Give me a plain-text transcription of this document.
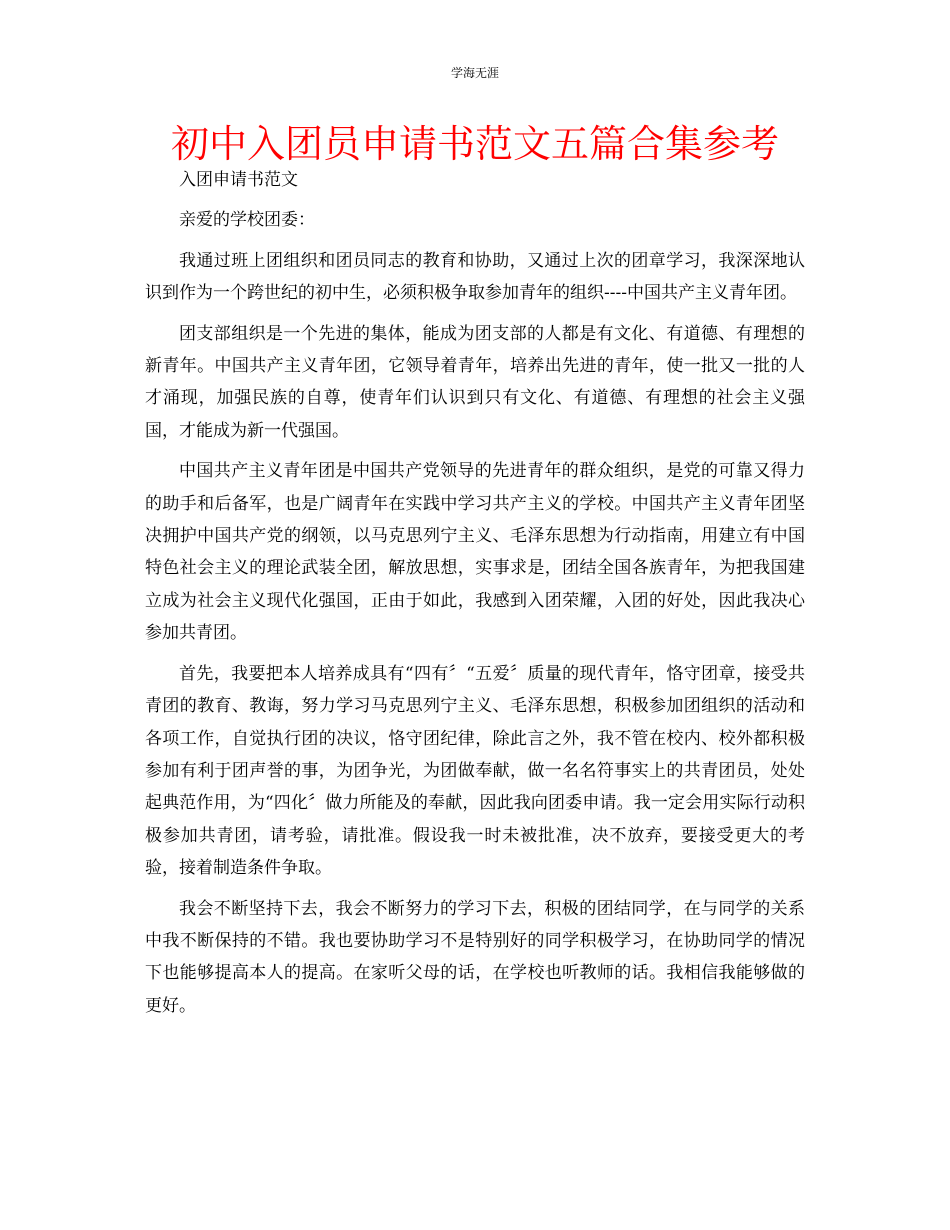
学海无涯
初中入团员申请书范文五篇合集参考

入团申请书范文

亲爱的学校团委：

我通过班上团组织和团员同志的教育和协助，又通过上次的团章学习，我深深地认识到作为一个跨世纪的初中生，必须积极争取参加青年的组织----中国共产主义青年团。

团支部组织是一个先进的集体，能成为团支部的人都是有文化、有道德、有理想的新青年。中国共产主义青年团，它领导着青年，培养出先进的青年，使一批又一批的人才涌现，加强民族的自尊，使青年们认识到只有文化、有道德、有理想的社会主义强国，才能成为新一代强国。

中国共产主义青年团是中国共产党领导的先进青年的群众组织，是党的可靠又得力的助手和后备军，也是广阔青年在实践中学习共产主义的学校。中国共产主义青年团坚决拥护中国共产党的纲领，以马克思列宁主义、毛泽东思想为行动指南，用建立有中国特色社会主义的理论武装全团，解放思想，实事求是，团结全国各族青年，为把我国建立成为社会主义现代化强国，正由于如此，我感到入团荣耀，入团的好处，因此我决心参加共青团。

首先，我要把本人培养成具有“四有〞“五爱〞质量的现代青年，恪守团章，接受共青团的教育、教诲，努力学习马克思列宁主义、毛泽东思想，积极参加团组织的活动和各项工作，自觉执行团的决议，恪守团纪律，除此言之外，我不管在校内、校外都积极参加有利于团声誉的事，为团争光，为团做奉献，做一名名符事实上的共青团员，处处起典范作用，为“四化〞做力所能及的奉献，因此我向团委申请。我一定会用实际行动积极参加共青团，请考验，请批准。假设我一时未被批准，决不放弃，要接受更大的考验，接着制造条件争取。

我会不断坚持下去，我会不断努力的学习下去，积极的团结同学，在与同学的关系中我不断保持的不错。我也要协助学习不是特别好的同学积极学习，在协助同学的情况下也能够提高本人的提高。在家听父母的话，在学校也听教师的话。我相信我能够做的更好。
